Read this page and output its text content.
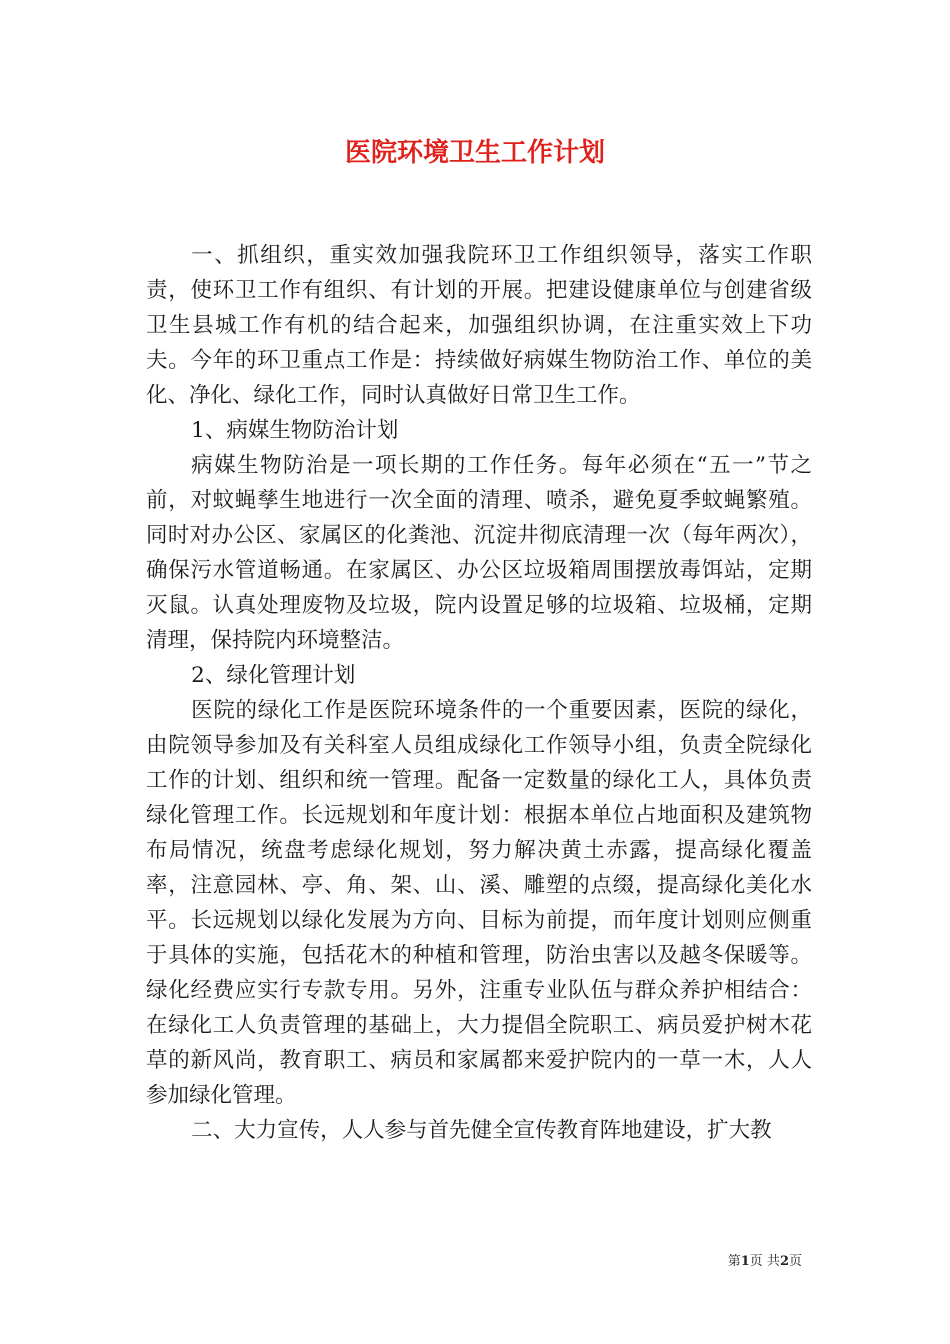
医院环境卫生工作计划

一、抓组织，重实效加强我院环卫工作组织领导，落实工作职责，使环卫工作有组织、有计划的开展。把建设健康单位与创建省级卫生县城工作有机的结合起来，加强组织协调，在注重实效上下功夫。今年的环卫重点工作是：持续做好病媒生物防治工作、单位的美化、净化、绿化工作，同时认真做好日常卫生工作。

1、病媒生物防治计划

病媒生物防治是一项长期的工作任务。每年必须在“五一”节之前，对蚊蝇孳生地进行一次全面的清理、喷杀，避免夏季蚊蝇繁殖。同时对办公区、家属区的化粪池、沉淀井彻底清理一次（每年两次），确保污水管道畅通。在家属区、办公区垃圾箱周围摆放毒饵站，定期灭鼠。认真处理废物及垃圾，院内设置足够的垃圾箱、垃圾桶，定期清理，保持院内环境整洁。

2、绿化管理计划

医院的绿化工作是医院环境条件的一个重要因素，医院的绿化，由院领导参加及有关科室人员组成绿化工作领导小组，负责全院绿化工作的计划、组织和统一管理。配备一定数量的绿化工人，具体负责绿化管理工作。长远规划和年度计划：根据本单位占地面积及建筑物布局情况，统盘考虑绿化规划，努力解决黄土赤露，提高绿化覆盖率，注意园林、亭、角、架、山、溪、雕塑的点缀，提高绿化美化水平。长远规划以绿化发展为方向、目标为前提，而年度计划则应侧重于具体的实施，包括花木的种植和管理，防治虫害以及越冬保暖等。绿化经费应实行专款专用。另外，注重专业队伍与群众养护相结合：在绿化工人负责管理的基础上，大力提倡全院职工、病员爱护树木花草的新风尚，教育职工、病员和家属都来爱护院内的一草一木，人人参加绿化管理。

二、大力宣传，人人参与首先健全宣传教育阵地建设，扩大教

第1页 共2页
